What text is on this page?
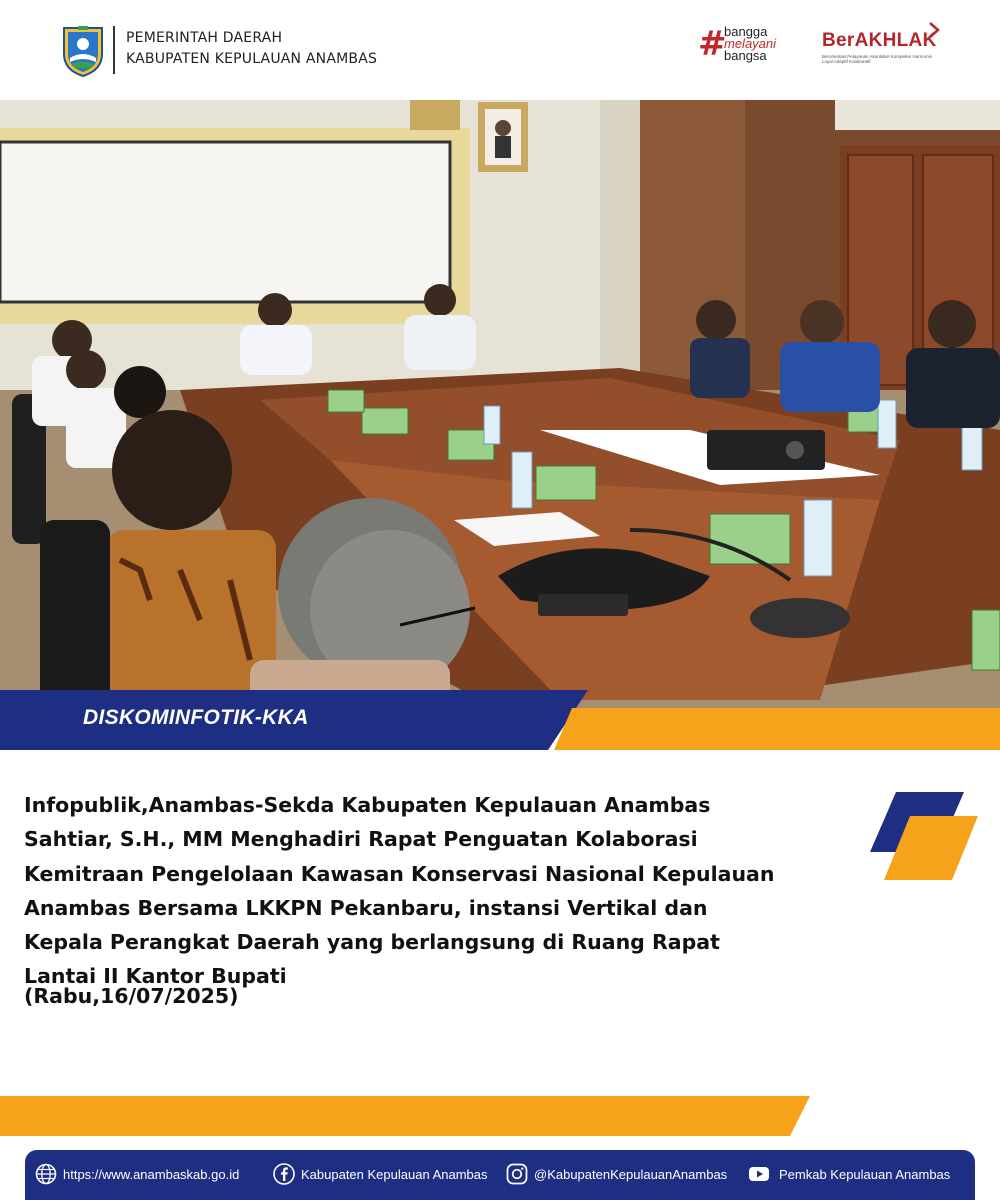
PEMERINTAH DAERAH
KABUPATEN KEPULAUAN ANAMBAS	#
bangga
melayani
bangsa
BerAKHLAK
Berorientasi Pelayanan Akuntabel Kompeten Harmonis Loyal Adaptif Kolaboratif
DISKOMINFOTIK-KKA
Infopublik,Anambas-Sekda Kabupaten Kepulauan Anambas
Sahtiar, S.H., MM Menghadiri Rapat Penguatan Kolaborasi
Kemitraan Pengelolaan Kawasan Konservasi Nasional Kepulauan
Anambas Bersama LKKPN Pekanbaru, instansi Vertikal dan
Kepala Perangkat Daerah yang berlangsung di Ruang Rapat
Lantai II Kantor Bupati
(Rabu,16/07/2025)
https://www.anambaskab.go.id	Kabupaten Kepulauan Anambas	@KabupatenKepulauanAnambas	Pemkab Kepulauan Anambas
